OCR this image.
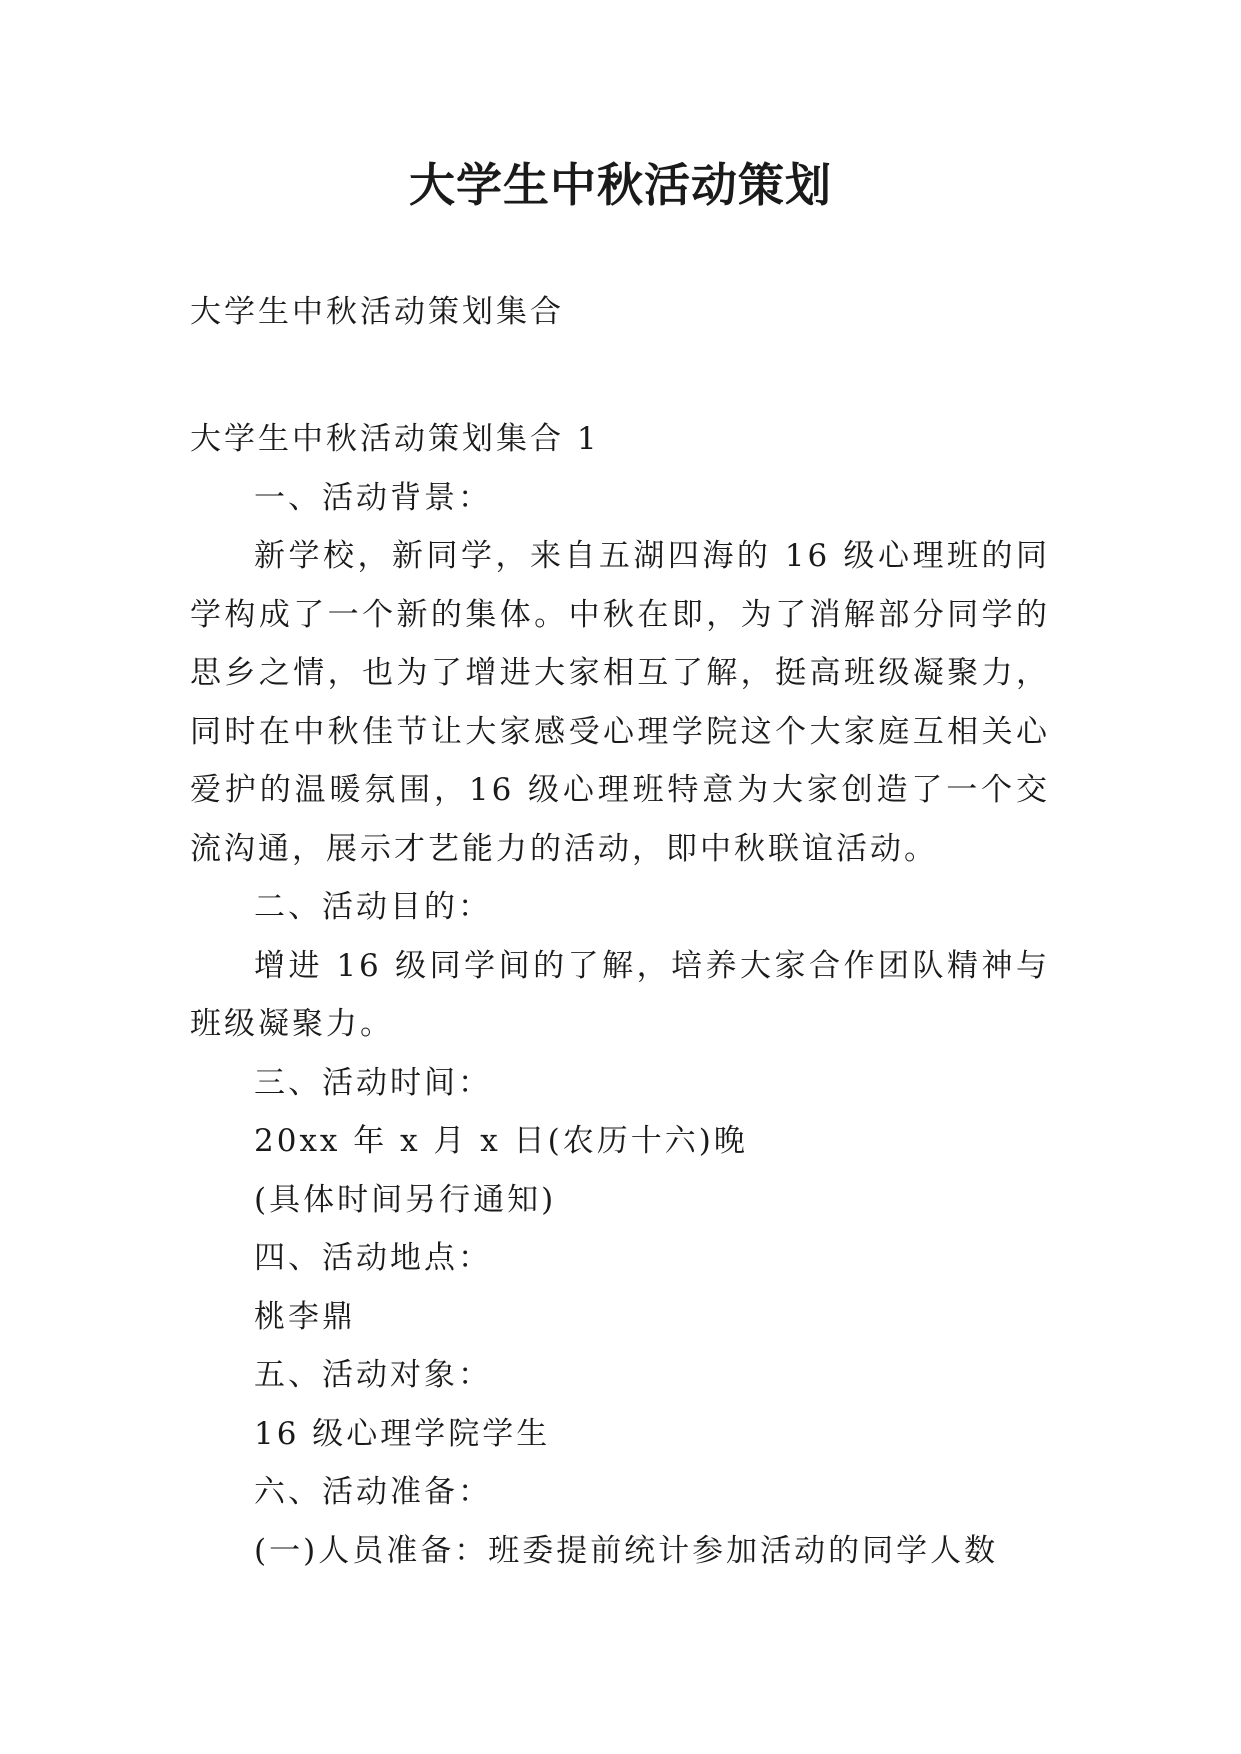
大学生中秋活动策划

大学生中秋活动策划集合

大学生中秋活动策划集合 1

一、活动背景：

新学校，新同学，来自五湖四海的 16 级心理班的同学构成了一个新的集体。中秋在即，为了消解部分同学的思乡之情，也为了增进大家相互了解，挺高班级凝聚力，同时在中秋佳节让大家感受心理学院这个大家庭互相关心爱护的温暖氛围，16 级心理班特意为大家创造了一个交流沟通，展示才艺能力的活动，即中秋联谊活动。

二、活动目的：

增进 16 级同学间的了解，培养大家合作团队精神与班级凝聚力。

三、活动时间：

20xx 年 x 月 x 日(农历十六)晚

(具体时间另行通知)

四、活动地点：

桃李鼎

五、活动对象：

16 级心理学院学生

六、活动准备：

(一)人员准备：班委提前统计参加活动的同学人数
